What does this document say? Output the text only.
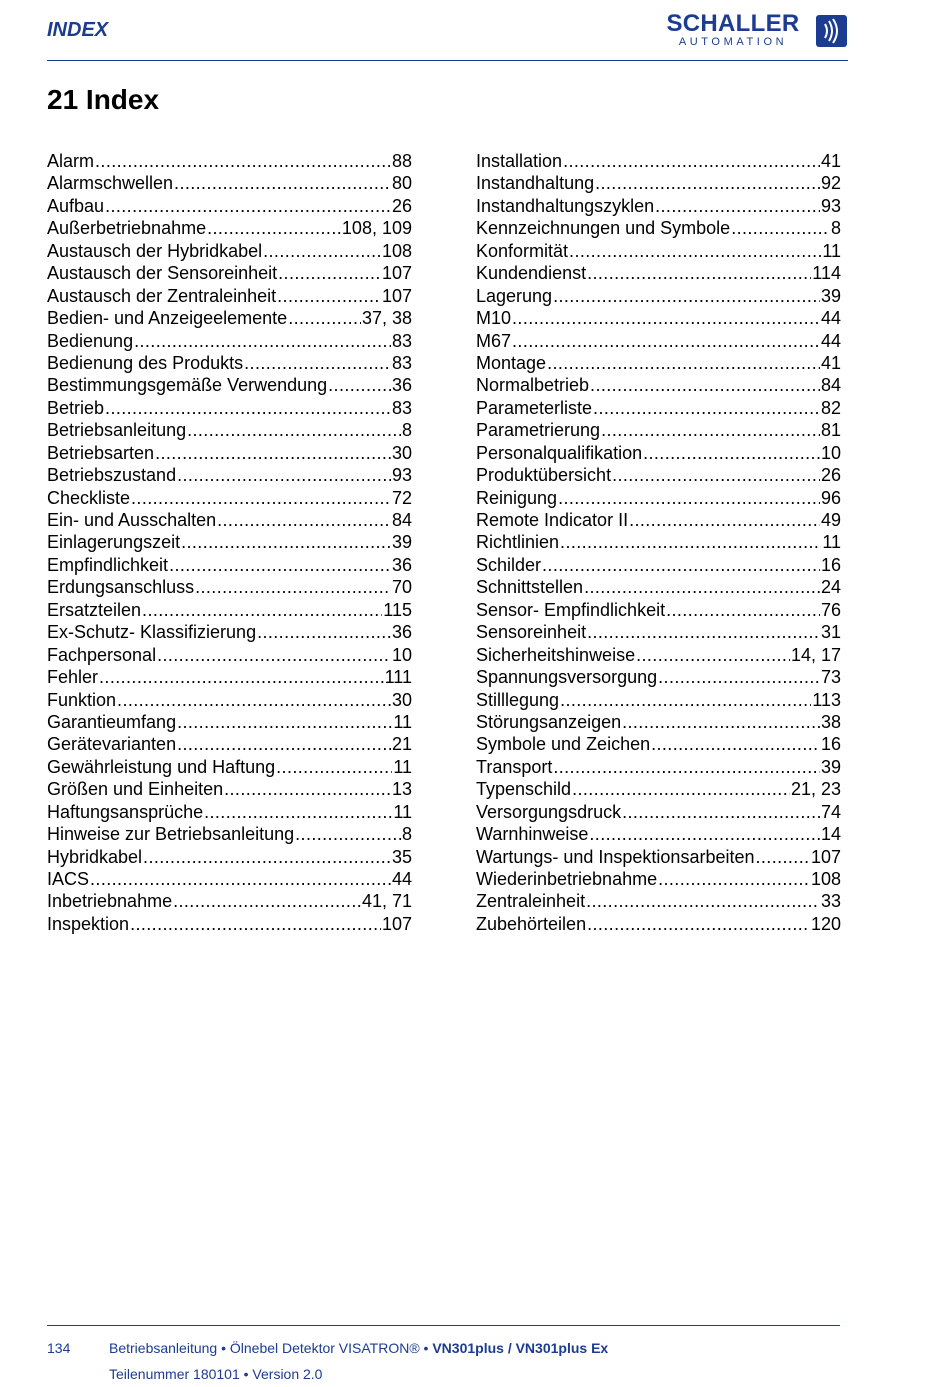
INDEX	SCHALLER
AUTOMATION
21 Index
Alarm .....	88
Alarmschwellen .....	80
Aufbau .....	26
Außerbetriebnahme .....	108, 109
Austausch der Hybridkabel .....	108
Austausch der Sensoreinheit .....	107
Austausch der Zentraleinheit .....	107
Bedien- und Anzeigeelemente .....	37, 38
Bedienung .....	83
Bedienung des Produkts .....	83
Bestimmungsgemäße Verwendung .....	36
Betrieb .....	83
Betriebsanleitung .....	8
Betriebsarten .....	30
Betriebszustand .....	93
Checkliste .....	72
Ein- und Ausschalten .....	84
Einlagerungszeit .....	39
Empfindlichkeit .....	36
Erdungsanschluss .....	70
Ersatzteilen .....	115
Ex-Schutz- Klassifizierung .....	36
Fachpersonal .....	10
Fehler .....	111
Funktion .....	30
Garantieumfang .....	11
Gerätevarianten .....	21
Gewährleistung und Haftung .....	11
Größen und Einheiten .....	13
Haftungsansprüche .....	11
Hinweise zur Betriebsanleitung .....	8
Hybridkabel .....	35
IACS .....	44
Inbetriebnahme .....	41, 71
Inspektion .....	107
Installation .....	41
Instandhaltung .....	92
Instandhaltungszyklen .....	93
Kennzeichnungen und Symbole .....	8
Konformität .....	11
Kundendienst .....	114
Lagerung .....	39
M10 .....	44
M67 .....	44
Montage .....	41
Normalbetrieb .....	84
Parameterliste .....	82
Parametrierung .....	81
Personalqualifikation .....	10
Produktübersicht .....	26
Reinigung .....	96
Remote Indicator II .....	49
Richtlinien .....	11
Schilder .....	16
Schnittstellen .....	24
Sensor- Empfindlichkeit .....	76
Sensoreinheit .....	31
Sicherheitshinweise .....	14, 17
Spannungsversorgung .....	73
Stilllegung .....	113
Störungsanzeigen .....	38
Symbole und Zeichen .....	16
Transport .....	39
Typenschild .....	21, 23
Versorgungsdruck .....	74
Warnhinweise .....	14
Wartungs- und Inspektionsarbeiten .....	107
Wiederinbetriebnahme .....	108
Zentraleinheit .....	33
Zubehörteilen .....	120
134	Betriebsanleitung • Ölnebel Detektor VISATRON® • VN301plus / VN301plus Ex
Teilenummer 180101 • Version 2.0
